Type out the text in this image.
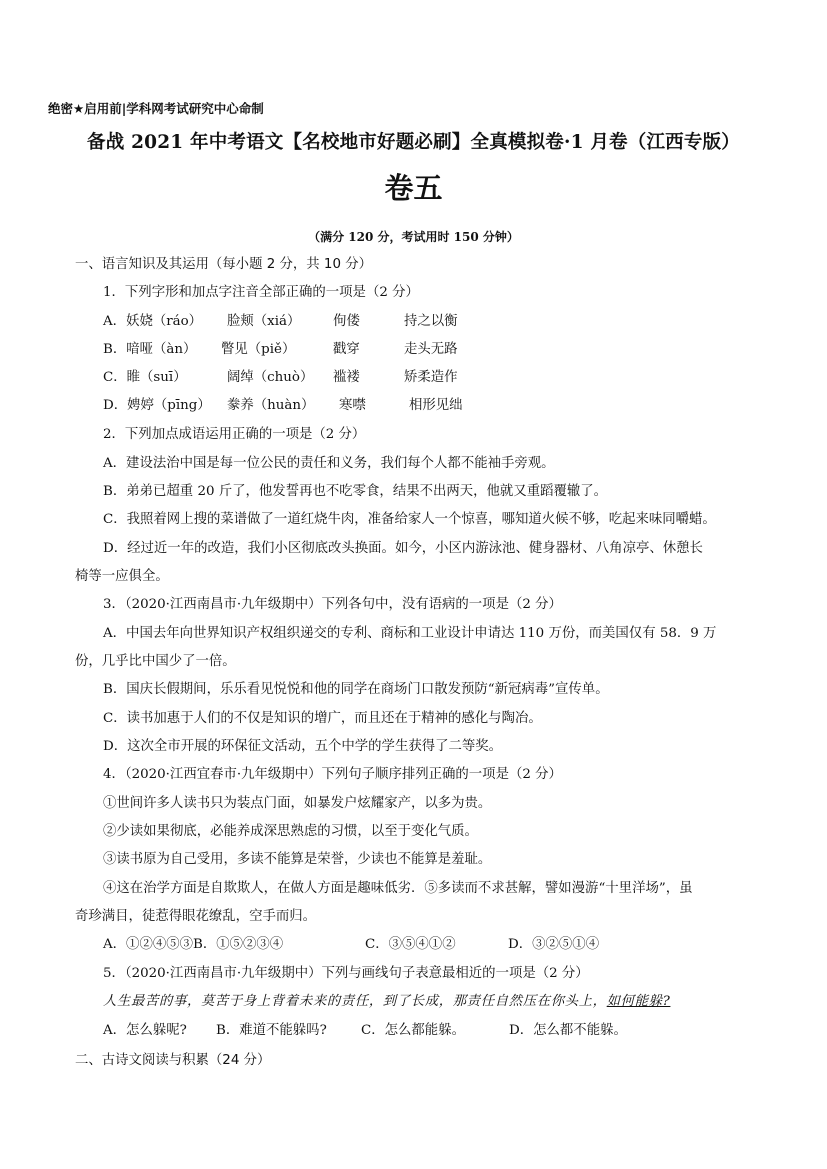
绝密★启用前|学科网考试研究中心命制
备战 2021 年中考语文【名校地市好题必刷】全真模拟卷·1 月卷（江西专版）
卷五
（满分 120 分，考试用时 150 分钟）
一、语言知识及其运用（每小题 2 分，共 10 分）
1．下列字形和加点字注音全部正确的一项是（2 分）
A．妖娆（ráo） 脸颊（xiá） 佝偻	持之以衡
B．喑哑（àn） 瞥见（piě）	戳穿	走头无路
C．睢（suī）	阔绰（chuò） 褴褛	矫柔造作
D．娉婷（pīng） 豢养（huàn） 寒噤	相形见绌
2．下列加点成语运用正确的一项是（2 分）
A．建设法治中国是每一位公民的责任和义务，我们每个人都不能袖手旁观。
B．弟弟已超重 20 斤了，他发誓再也不吃零食，结果不出两天，他就又重蹈覆辙了。
C．我照着网上搜的菜谱做了一道红烧牛肉，准备给家人一个惊喜，哪知道火候不够，吃起来味同嚼蜡。
D．经过近一年的改造，我们小区彻底改头换面。如今，小区内游泳池、健身器材、八角凉亭、休憩长
椅等一应俱全。
3．（2020·江西南昌市·九年级期中）下列各句中，没有语病的一项是（2 分）
A．中国去年向世界知识产权组织递交的专利、商标和工业设计申请达 110 万份，而美国仅有 58．9 万
份，几乎比中国少了一倍。
B．国庆长假期间，乐乐看见悦悦和他的同学在商场门口散发预防“新冠病毒”宣传单。
C．读书加惠于人们的不仅是知识的增广，而且还在于精神的感化与陶冶。
D．这次全市开展的环保征文活动，五个中学的学生获得了二等奖。
4．（2020·江西宜春市·九年级期中）下列句子顺序排列正确的一项是（2 分）
①世间许多人读书只为装点门面，如暴发户炫耀家产，以多为贵。
②少读如果彻底，必能养成深思熟虑的习惯，以至于变化气质。
③读书原为自己受用，多读不能算是荣誉，少读也不能算是羞耻。
④这在治学方面是自欺欺人，在做人方面是趣味低劣．⑤多读而不求甚解，譬如漫游“十里洋场”，虽
奇珍满目，徒惹得眼花缭乱，空手而归。
A．①②④⑤③B．①⑤②③④	C．③⑤④①②	D．③②⑤①④
5．（2020·江西南昌市·九年级期中）下列与画线句子表意最相近的一项是（2 分）
人生最苦的事，莫苦于身上背着未来的责任，到了长成，那责任自然压在你头上，如何能躲?
A．怎么躲呢? B．难道不能躲吗?	C．怎么都能躲。	D．怎么都不能躲。
二、古诗文阅读与积累（24 分）
